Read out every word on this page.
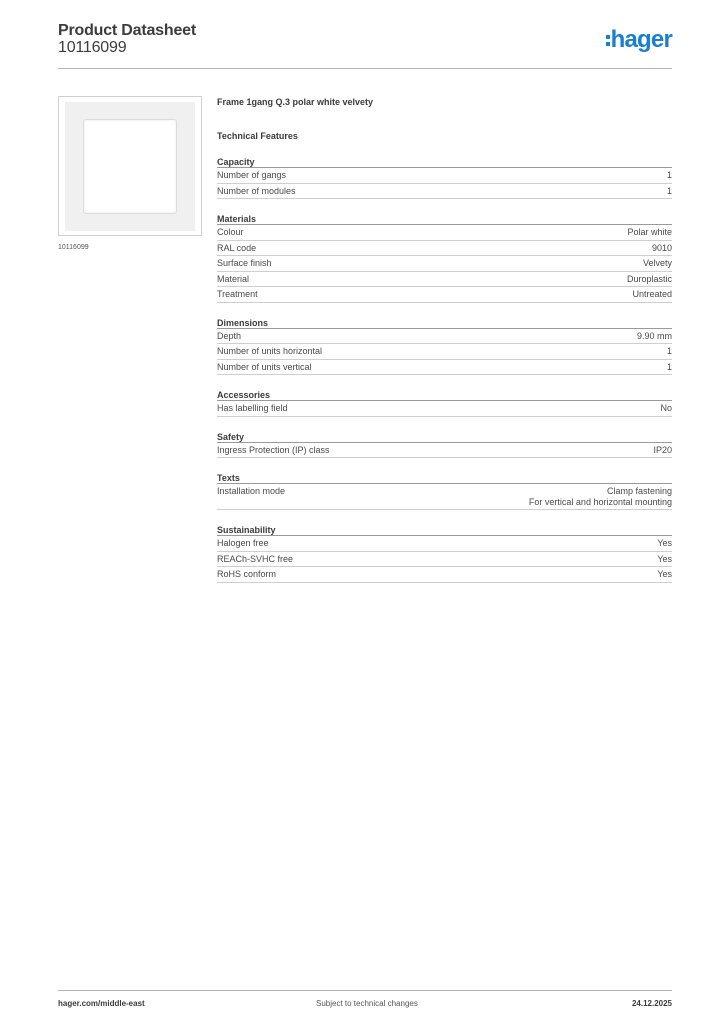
Product Datasheet
10116099	hager
10116099
Frame 1gang Q.3 polar white velvety
Technical Features
Capacity
Number of gangs	1
Number of modules	1
Materials
Colour	Polar white
RAL code	9010
Surface finish	Velvety
Material	Duroplastic
Treatment	Untreated
Dimensions
Depth	9.90 mm
Number of units horizontal	1
Number of units vertical	1
Accessories
Has labelling field	No
Safety
Ingress Protection (IP) class	IP20
Texts
Installation mode	Clamp fastening
For vertical and horizontal mounting
Sustainability
Halogen free	Yes
REACh-SVHC free	Yes
RoHS conform	Yes
hager.com/middle-east	Subject to technical changes	24.12.2025
